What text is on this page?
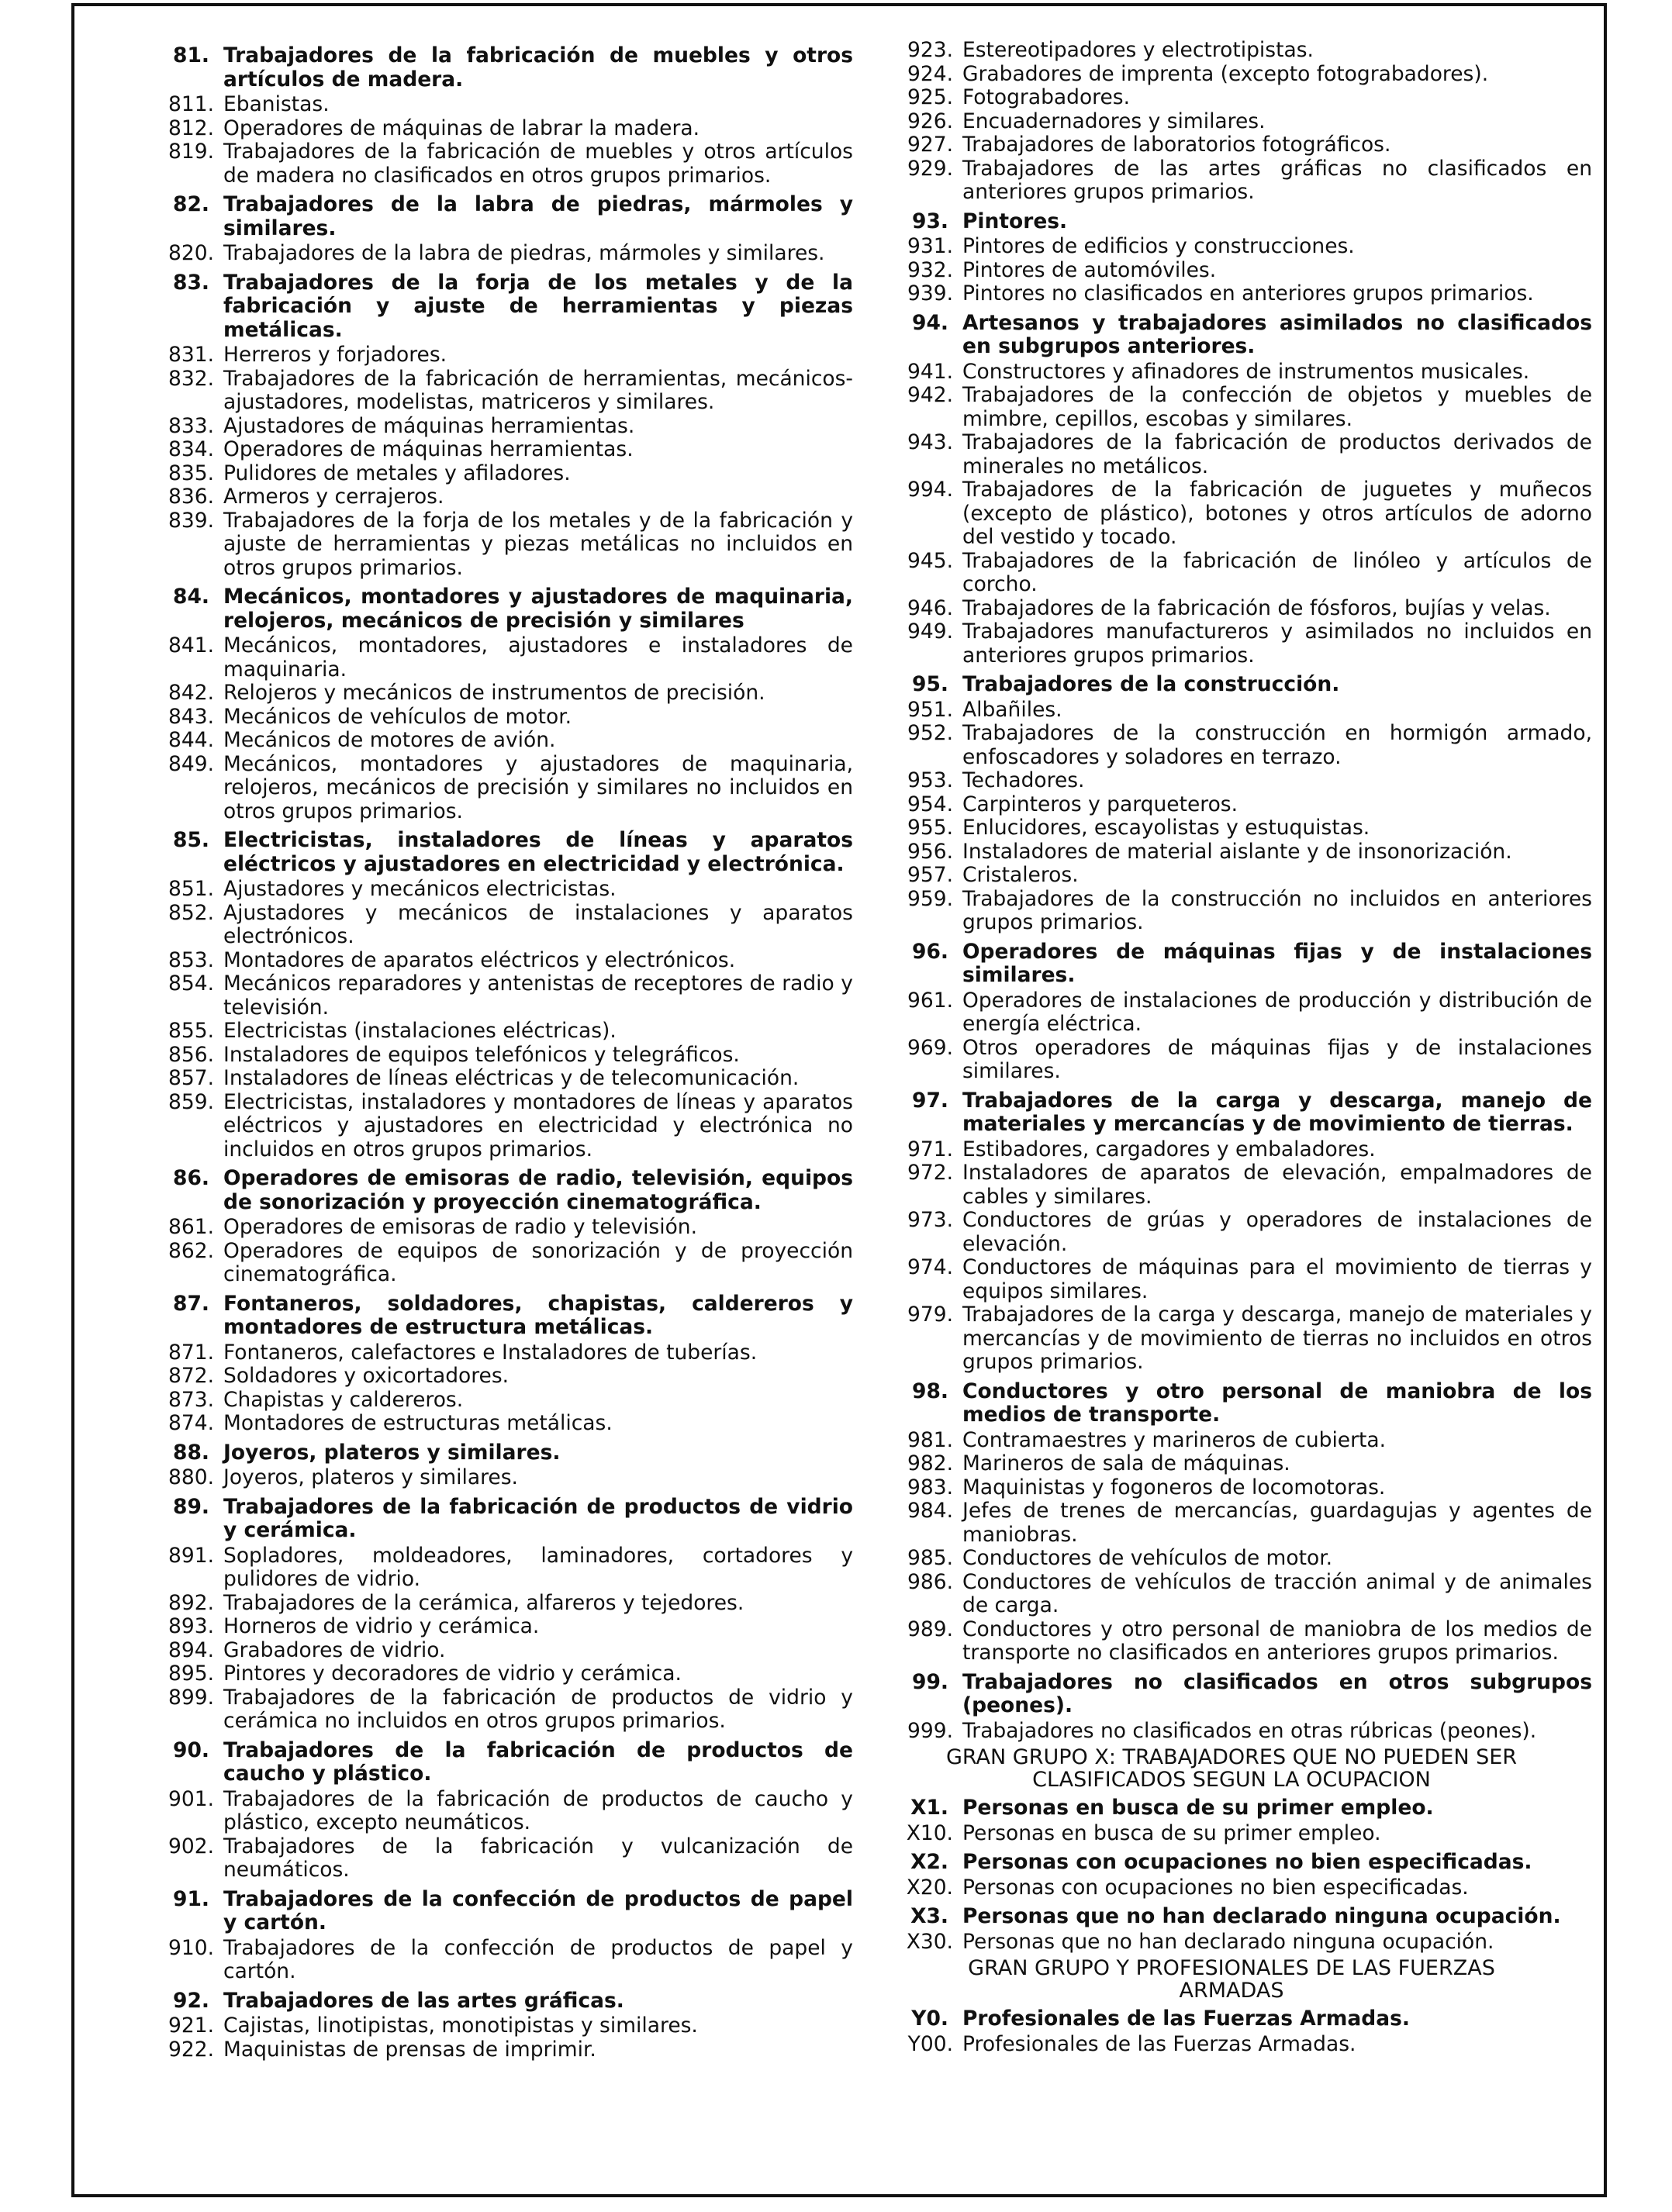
81. Trabajadores de la fabricación de muebles y otros artículos de madera.
811. Ebanistas.
812. Operadores de máquinas de labrar la madera.
819. Trabajadores de la fabricación de muebles y otros artículos de madera no clasificados en otros grupos primarios.
82. Trabajadores de la labra de piedras, mármoles y similares.
820. Trabajadores de la labra de piedras, mármoles y similares.
83. Trabajadores de la forja de los metales y de la fabricación y ajuste de herramientas y piezas metálicas.
831. Herreros y forjadores.
832. Trabajadores de la fabricación de herramientas, mecánicos-ajustadores, modelistas, matriceros y similares.
833. Ajustadores de máquinas herramientas.
834. Operadores de máquinas herramientas.
835. Pulidores de metales y afiladores.
836. Armeros y cerrajeros.
839. Trabajadores de la forja de los metales y de la fabricación y ajuste de herramientas y piezas metálicas no incluidos en otros grupos primarios.
84. Mecánicos, montadores y ajustadores de maquinaria, relojeros, mecánicos de precisión y similares
841. Mecánicos, montadores, ajustadores e instaladores de maquinaria.
842. Relojeros y mecánicos de instrumentos de precisión.
843. Mecánicos de vehículos de motor.
844. Mecánicos de motores de avión.
849. Mecánicos, montadores y ajustadores de maquinaria, relojeros, mecánicos de precisión y similares no incluidos en otros grupos primarios.
85. Electricistas, instaladores de líneas y aparatos eléctricos y ajustadores en electricidad y electrónica.
851. Ajustadores y mecánicos electricistas.
852. Ajustadores y mecánicos de instalaciones y aparatos electrónicos.
853. Montadores de aparatos eléctricos y electrónicos.
854. Mecánicos reparadores y antenistas de receptores de radio y televisión.
855. Electricistas (instalaciones eléctricas).
856. Instaladores de equipos telefónicos y telegráficos.
857. Instaladores de líneas eléctricas y de telecomunicación.
859. Electricistas, instaladores y montadores de líneas y aparatos eléctricos y ajustadores en electricidad y electrónica no incluidos en otros grupos primarios.
86. Operadores de emisoras de radio, televisión, equipos de sonorización y proyección cinematográfica.
861. Operadores de emisoras de radio y televisión.
862. Operadores de equipos de sonorización y de proyección cinematográfica.
87. Fontaneros, soldadores, chapistas, caldereros y montadores de estructura metálicas.
871. Fontaneros, calefactores e Instaladores de tuberías.
872. Soldadores y oxicortadores.
873. Chapistas y caldereros.
874. Montadores de estructuras metálicas.
88. Joyeros, plateros y similares.
880. Joyeros, plateros y similares.
89. Trabajadores de la fabricación de productos de vidrio y cerámica.
891. Sopladores, moldeadores, laminadores, cortadores y pulidores de vidrio.
892. Trabajadores de la cerámica, alfareros y tejedores.
893. Horneros de vidrio y cerámica.
894. Grabadores de vidrio.
895. Pintores y decoradores de vidrio y cerámica.
899. Trabajadores de la fabricación de productos de vidrio y cerámica no incluidos en otros grupos primarios.
90. Trabajadores de la fabricación de productos de caucho y plástico.
901. Trabajadores de la fabricación de productos de caucho y plástico, excepto neumáticos.
902. Trabajadores de la fabricación y vulcanización de neumáticos.
91. Trabajadores de la confección de productos de papel y cartón.
910. Trabajadores de la confección de productos de papel y cartón.
92. Trabajadores de las artes gráficas.
921. Cajistas, linotipistas, monotipistas y similares.
922. Maquinistas de prensas de imprimir.
923. Estereotipadores y electrotipistas.
924. Grabadores de imprenta (excepto fotograbadores).
925. Fotograbadores.
926. Encuadernadores y similares.
927. Trabajadores de laboratorios fotográficos.
929. Trabajadores de las artes gráficas no clasificados en anteriores grupos primarios.
93. Pintores.
931. Pintores de edificios y construcciones.
932. Pintores de automóviles.
939. Pintores no clasificados en anteriores grupos primarios.
94. Artesanos y trabajadores asimilados no clasificados en subgrupos anteriores.
941. Constructores y afinadores de instrumentos musicales.
942. Trabajadores de la confección de objetos y muebles de mimbre, cepillos, escobas y similares.
943. Trabajadores de la fabricación de productos derivados de minerales no metálicos.
994. Trabajadores de la fabricación de juguetes y muñecos (excepto de plástico), botones y otros artículos de adorno del vestido y tocado.
945. Trabajadores de la fabricación de linóleo y artículos de corcho.
946. Trabajadores de la fabricación de fósforos, bujías y velas.
949. Trabajadores manufactureros y asimilados no incluidos en anteriores grupos primarios.
95. Trabajadores de la construcción.
951. Albañiles.
952. Trabajadores de la construcción en hormigón armado, enfoscadores y soladores en terrazo.
953. Techadores.
954. Carpinteros y parqueteros.
955. Enlucidores, escayolistas y estuquistas.
956. Instaladores de material aislante y de insonorización.
957. Cristaleros.
959. Trabajadores de la construcción no incluidos en anteriores grupos primarios.
96. Operadores de máquinas fijas y de instalaciones similares.
961. Operadores de instalaciones de producción y distribución de energía eléctrica.
969. Otros operadores de máquinas fijas y de instalaciones similares.
97. Trabajadores de la carga y descarga, manejo de materiales y mercancías y de movimiento de tierras.
971. Estibadores, cargadores y embaladores.
972. Instaladores de aparatos de elevación, empalmadores de cables y similares.
973. Conductores de grúas y operadores de instalaciones de elevación.
974. Conductores de máquinas para el movimiento de tierras y equipos similares.
979. Trabajadores de la carga y descarga, manejo de materiales y mercancías y de movimiento de tierras no incluidos en otros grupos primarios.
98. Conductores y otro personal de maniobra de los medios de transporte.
981. Contramaestres y marineros de cubierta.
982. Marineros de sala de máquinas.
983. Maquinistas y fogoneros de locomotoras.
984. Jefes de trenes de mercancías, guardagujas y agentes de maniobras.
985. Conductores de vehículos de motor.
986. Conductores de vehículos de tracción animal y de animales de carga.
989. Conductores y otro personal de maniobra de los medios de transporte no clasificados en anteriores grupos primarios.
99. Trabajadores no clasificados en otros subgrupos (peones).
999. Trabajadores no clasificados en otras rúbricas (peones).
GRAN GRUPO X: TRABAJADORES QUE NO PUEDEN SER
CLASIFICADOS SEGUN LA OCUPACION
X1. Personas en busca de su primer empleo.
X10. Personas en busca de su primer empleo.
X2. Personas con ocupaciones no bien especificadas.
X20. Personas con ocupaciones no bien especificadas.
X3. Personas que no han declarado ninguna ocupación.
X30. Personas que no han declarado ninguna ocupación.
GRAN GRUPO Y PROFESIONALES DE LAS FUERZAS
ARMADAS
Y0. Profesionales de las Fuerzas Armadas.
Y00. Profesionales de las Fuerzas Armadas.
